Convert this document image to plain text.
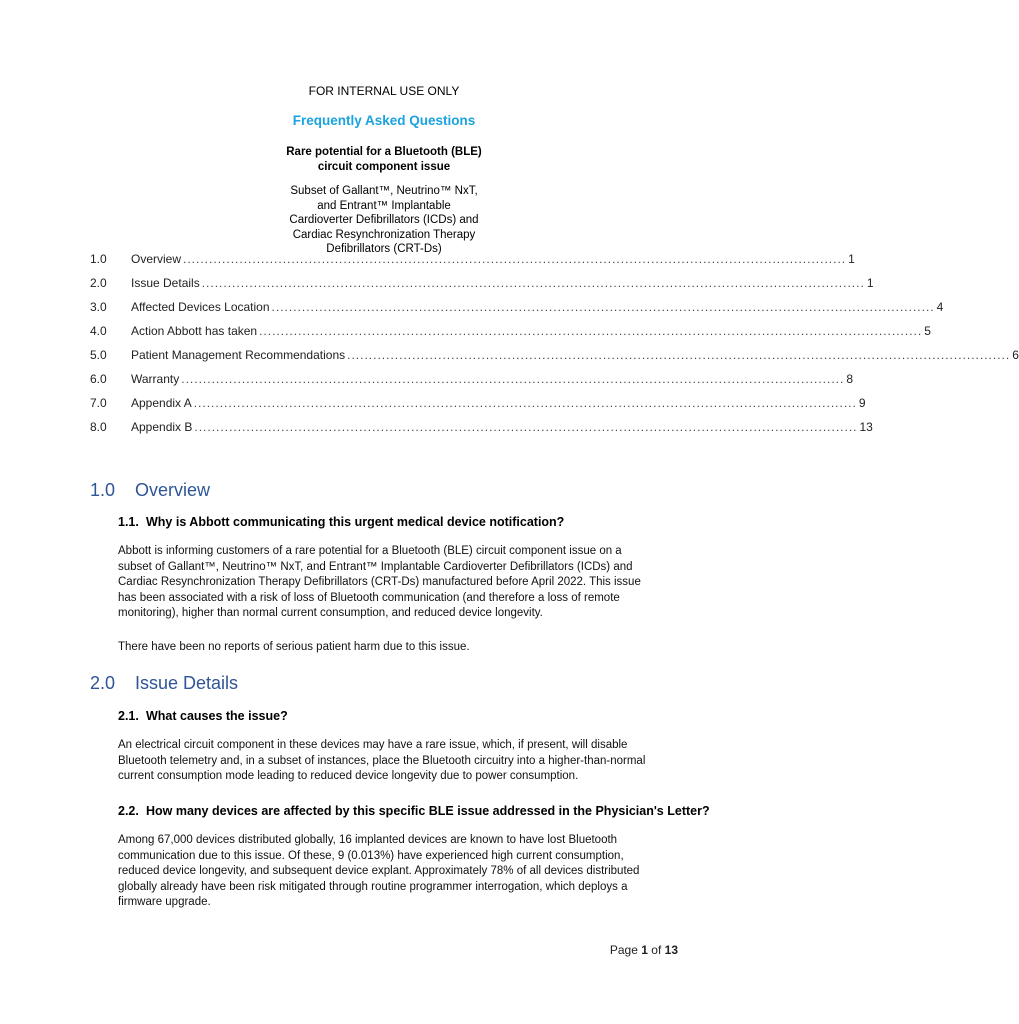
FOR INTERNAL USE ONLY
Frequently Asked Questions
Rare potential for a Bluetooth (BLE)
circuit component issue
Subset of Gallant™, Neutrino™ NxT,
and Entrant™ Implantable
Cardioverter Defibrillators (ICDs) and
Cardiac Resynchronization Therapy
Defibrillators (CRT-Ds)
1.0	Overview ......................................................................................................................................................... 1
2.0	Issue Details ......................................................................................................................................................... 1
3.0	Affected Devices Location ......................................................................................................................................................... 4
4.0	Action Abbott has taken ......................................................................................................................................................... 5
5.0	Patient Management Recommendations ......................................................................................................................................................... 6
6.0	Warranty ......................................................................................................................................................... 8
7.0	Appendix A ......................................................................................................................................................... 9
8.0	Appendix B ......................................................................................................................................................... 13
1.0	Overview
1.1. Why is Abbott communicating this urgent medical device notification?
Abbott is informing customers of a rare potential for a Bluetooth (BLE) circuit component issue on a
subset of Gallant™, Neutrino™ NxT, and Entrant™ Implantable Cardioverter Defibrillators (ICDs) and
Cardiac Resynchronization Therapy Defibrillators (CRT-Ds) manufactured before April 2022. This issue
has been associated with a risk of loss of Bluetooth communication (and therefore a loss of remote
monitoring), higher than normal current consumption, and reduced device longevity.
There have been no reports of serious patient harm due to this issue.
2.0	Issue Details
2.1. What causes the issue?
An electrical circuit component in these devices may have a rare issue, which, if present, will disable
Bluetooth telemetry and, in a subset of instances, place the Bluetooth circuitry into a higher-than-normal
current consumption mode leading to reduced device longevity due to power consumption.
2.2. How many devices are affected by this specific BLE issue addressed in the Physician's Letter?
Among 67,000 devices distributed globally, 16 implanted devices are known to have lost Bluetooth
communication due to this issue. Of these, 9 (0.013%) have experienced high current consumption,
reduced device longevity, and subsequent device explant. Approximately 78% of all devices distributed
globally already have been risk mitigated through routine programmer interrogation, which deploys a
firmware upgrade.
Page 1 of 13
